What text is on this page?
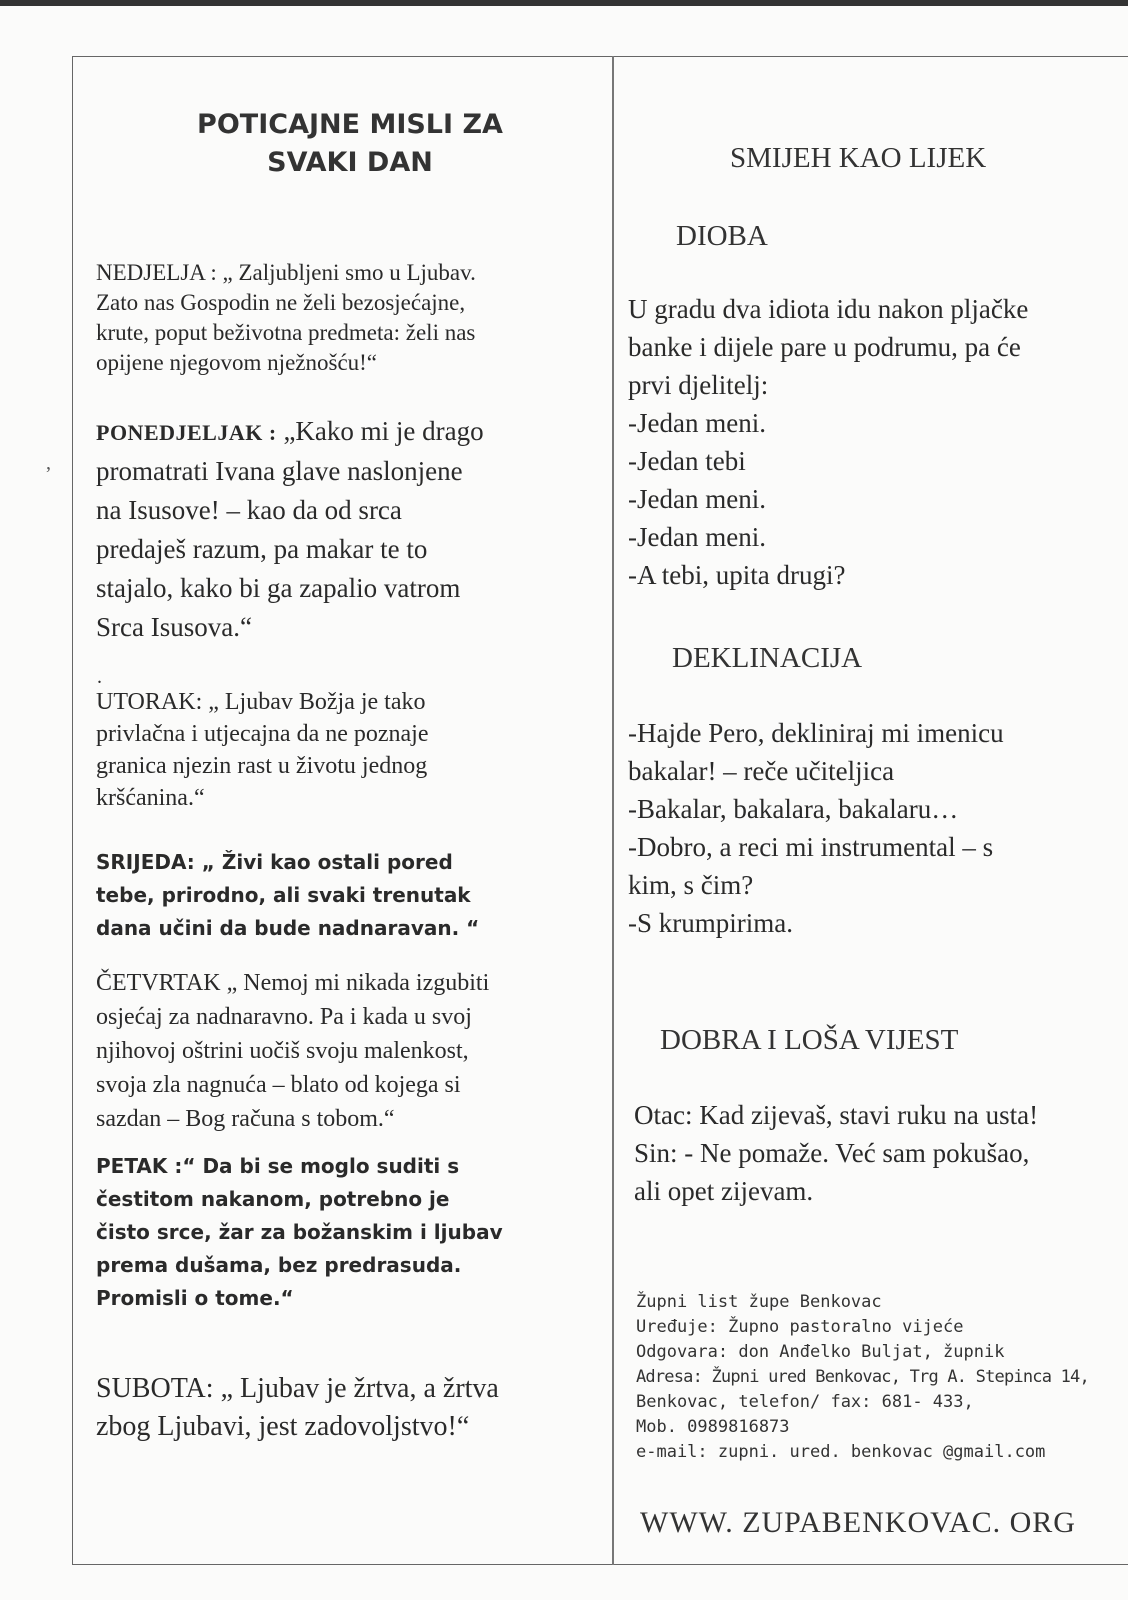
,
POTICAJNE MISLI ZA
SVAKI DAN
NEDJELJA : „ Zaljubljeni smo u Ljubav.
Zato nas Gospodin ne želi bezosjećajne,
krute, poput beživotna predmeta: želi nas
opijene njegovom nježnošću!“
PONEDJELJAK : „Kako mi je drago
promatrati Ivana glave naslonjene
na Isusove! – kao da od srca
predaješ razum, pa makar te to
stajalo, kako bi ga zapalio vatrom
Srca Isusova.“
.
UTORAK: „ Ljubav Božja je tako
privlačna i utjecajna da ne poznaje
granica njezin rast u životu jednog
kršćanina.“
SRIJEDA: „ Živi kao ostali pored
tebe, prirodno, ali svaki trenutak
dana učini da bude nadnaravan. “
ČETVRTAK „ Nemoj mi nikada izgubiti
osjećaj za nadnaravno. Pa i kada u svoj
njihovoj oštrini uočiš svoju malenkost,
svoja zla nagnuća – blato od kojega si
sazdan – Bog računa s tobom.“
PETAK :“ Da bi se moglo suditi s
čestitom nakanom, potrebno je
čisto srce, žar za božanskim i ljubav
prema dušama, bez predrasuda.
Promisli o tome.“
SUBOTA: „ Ljubav je žrtva, a žrtva
zbog Ljubavi, jest zadovoljstvo!“
SMIJEH KAO LIJEK
DIOBA
U gradu dva idiota idu nakon pljačke
banke i dijele pare u podrumu, pa će
prvi djelitelj:
-Jedan meni.
-Jedan tebi
-Jedan meni.
-Jedan meni.
-A tebi, upita drugi?
DEKLINACIJA
-Hajde Pero, dekliniraj mi imenicu
bakalar! – reče učiteljica
-Bakalar, bakalara, bakalaru…
-Dobro, a reci mi instrumental – s
kim, s čim?
-S krumpirima.
DOBRA I LOŠA VIJEST
Otac: Kad zijevaš, stavi ruku na usta!
Sin: - Ne pomaže. Već sam pokušao,
ali opet zijevam.
Župni list župe Benkovac
Uređuje: Župno pastoralno vijeće
Odgovara: don Anđelko Buljat, župnik
Adresa: Župni ured Benkovac, Trg A. Stepinca 14,
Benkovac, telefon/ fax: 681- 433,
Mob. 0989816873
e-mail: zupni. ured. benkovac @gmail.com
WWW. ZUPABENKOVAC. ORG
